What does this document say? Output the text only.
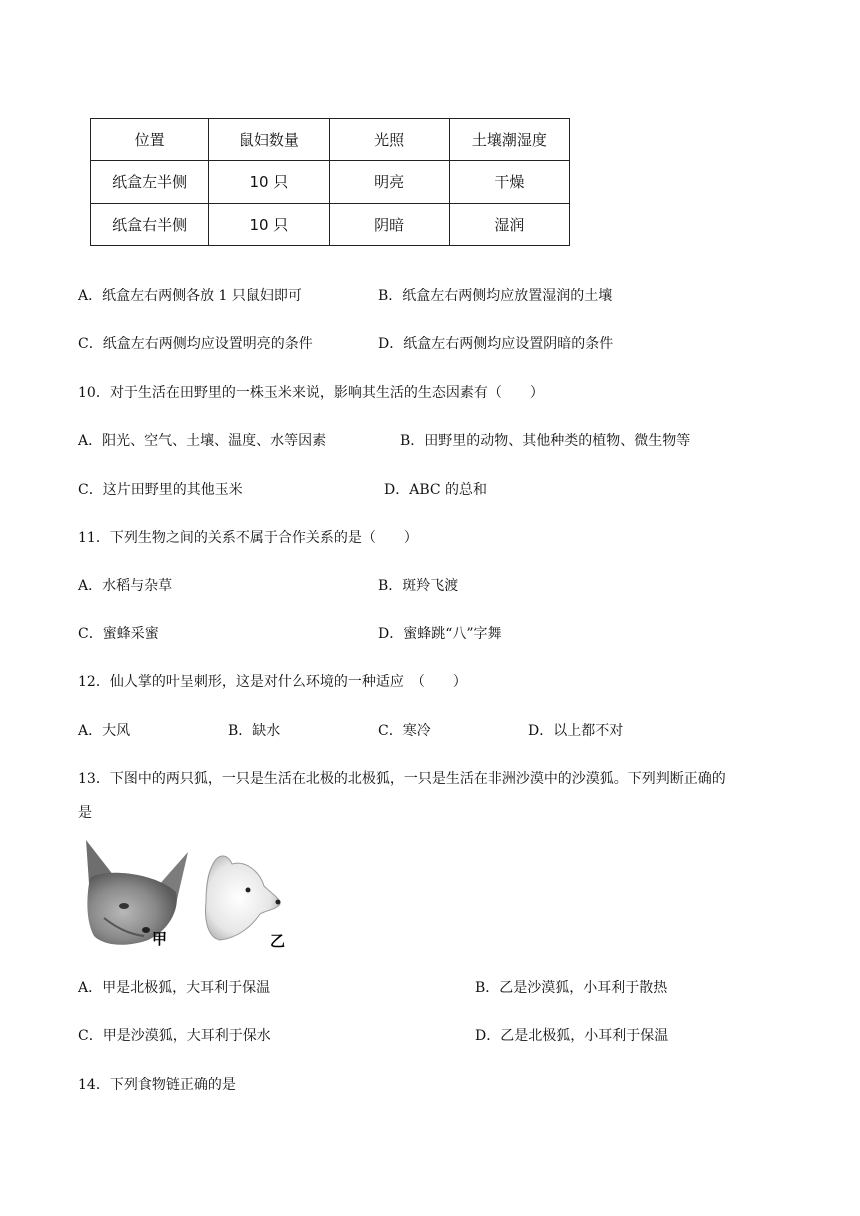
位置	鼠妇数量	光照	土壤潮湿度
纸盒左半侧	10 只	明亮	干燥
纸盒右半侧	10 只	阴暗	湿润
A．纸盒左右两侧各放 1 只鼠妇即可	B．纸盒左右两侧均应放置湿润的土壤
C．纸盒左右两侧均应设置明亮的条件	D．纸盒左右两侧均应设置阴暗的条件
10．对于生活在田野里的一株玉米来说，影响其生活的生态因素有（　　）
A．阳光、空气、土壤、温度、水等因素	B．田野里的动物、其他种类的植物、微生物等
C．这片田野里的其他玉米	D．ABC 的总和
11．下列生物之间的关系不属于合作关系的是（　　）
A．水稻与杂草	B．斑羚飞渡
C．蜜蜂采蜜	D．蜜蜂跳“八”字舞
12．仙人掌的叶呈刺形，这是对什么环境的一种适应　（　　）
A．大风	B．缺水	C．寒冷	D．以上都不对
13．下图中的两只狐，一只是生活在北极的北极狐，一只是生活在非洲沙漠中的沙漠狐。下列判断正确的
是
甲	乙
A．甲是北极狐，大耳利于保温	B．乙是沙漠狐，小耳利于散热
C．甲是沙漠狐，大耳利于保水	D．乙是北极狐，小耳利于保温
14．下列食物链正确的是
